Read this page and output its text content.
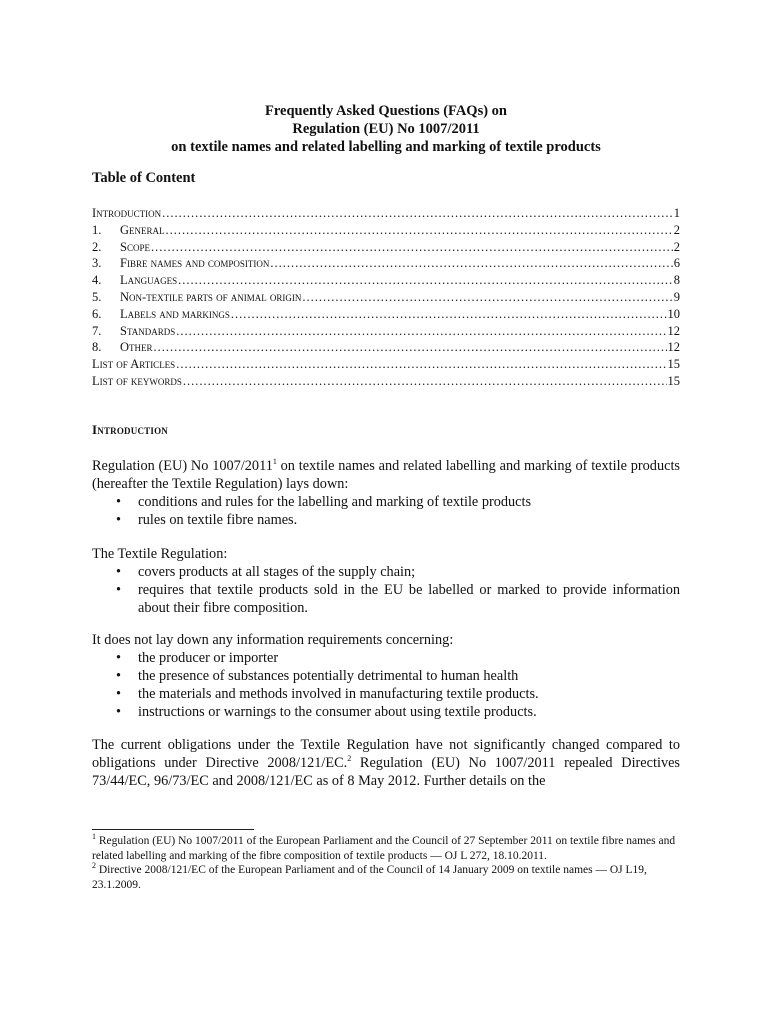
Frequently Asked Questions (FAQs) on
Regulation (EU) No 1007/2011
on textile names and related labelling and marking of textile products
Table of Content
Introduction .....	1
1.	General .....	2
2.	Scope .....	2
3.	Fibre names and composition .....	6
4.	Languages .....	8
5.	Non-textile parts of animal origin .....	9
6.	Labels and markings .....	10
7.	Standards .....	12
8.	Other .....	12
List of Articles .....	15
List of keywords .....	15
Introduction

Regulation (EU) No 1007/2011$^1$ on textile names and related labelling and marking of textile products (hereafter the Textile Regulation) lays down:

• conditions and rules for the labelling and marking of textile products
• rules on textile fibre names.

The Textile Regulation:

• covers products at all stages of the supply chain;
• requires that textile products sold in the EU be labelled or marked to provide information about their fibre composition.

It does not lay down any information requirements concerning:

• the producer or importer
• the presence of substances potentially detrimental to human health
• the materials and methods involved in manufacturing textile products.
• instructions or warnings to the consumer about using textile products.

The current obligations under the Textile Regulation have not significantly changed compared to obligations under Directive 2008/121/EC.$^2$ Regulation (EU) No 1007/2011 repealed Directives 73/44/EC, 96/73/EC and 2008/121/EC as of 8 May 2012. Further details on the

$^1$ Regulation (EU) No 1007/2011 of the European Parliament and the Council of 27 September 2011 on textile fibre names and related labelling and marking of the fibre composition of textile products — OJ L 272, 18.10.2011.

$^2$ Directive 2008/121/EC of the European Parliament and of the Council of 14 January 2009 on textile names — OJ L19, 23.1.2009.
